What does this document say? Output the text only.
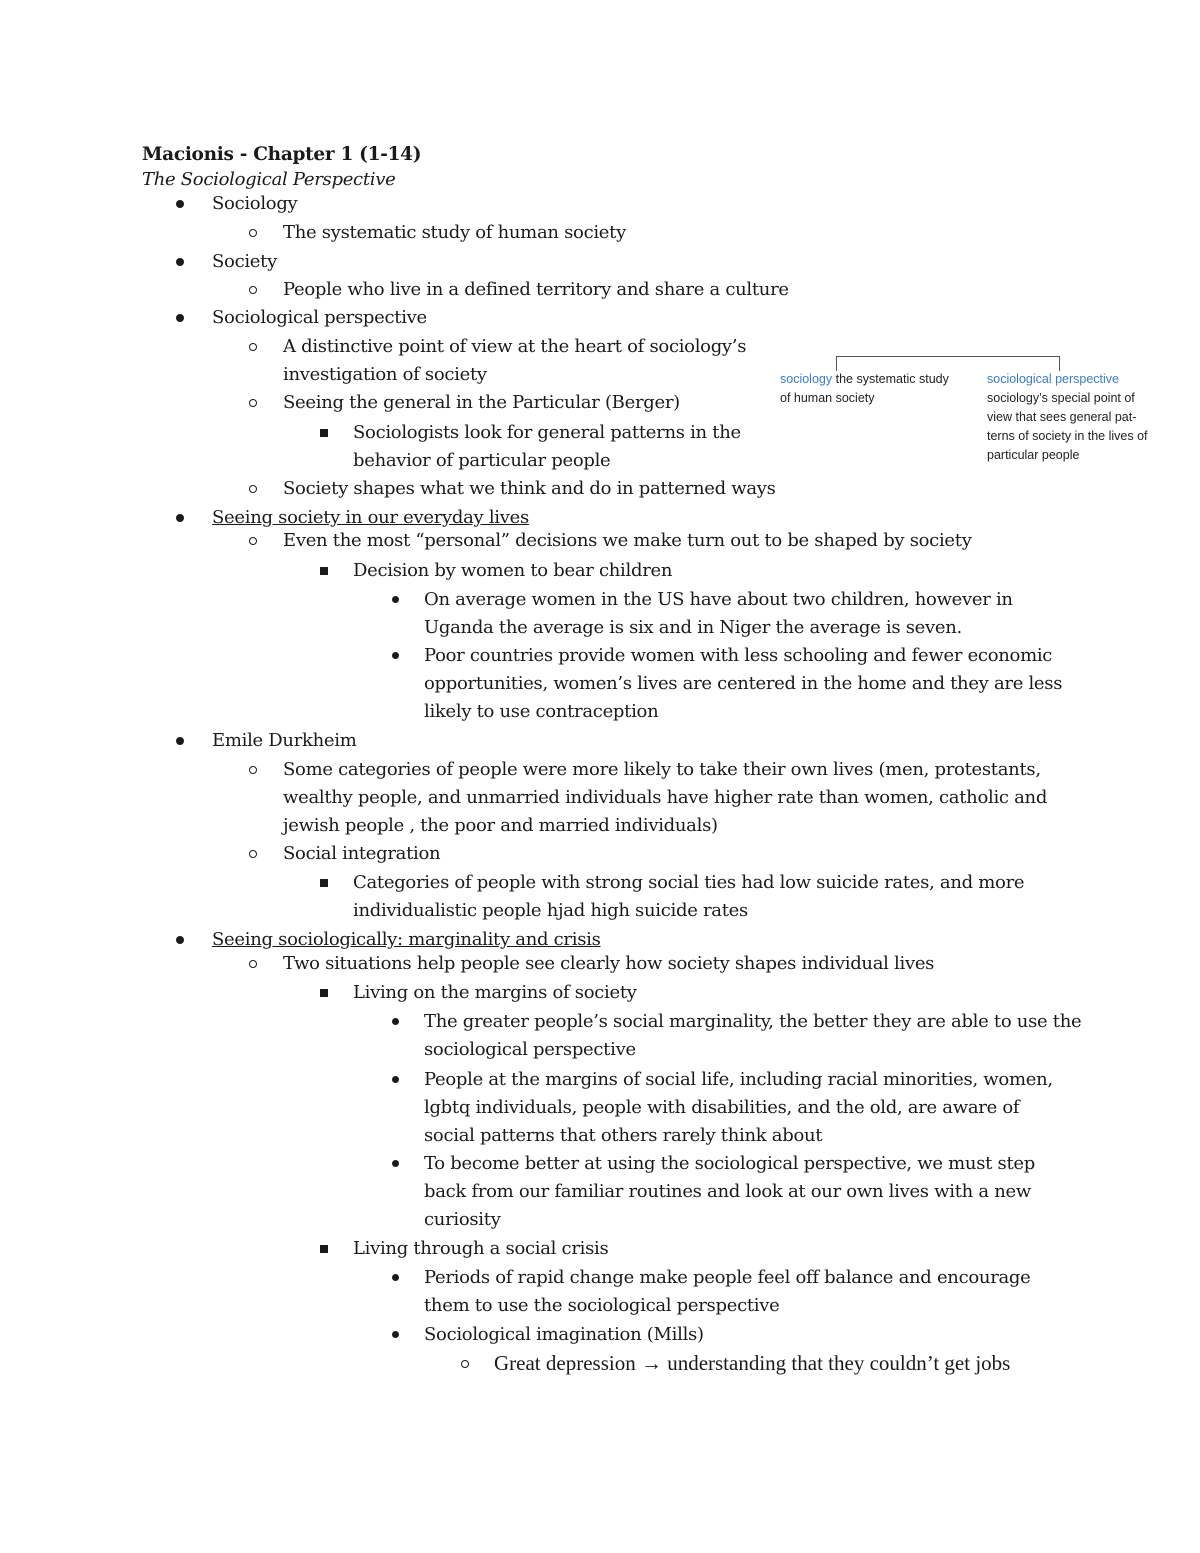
Macionis - Chapter 1 (1-14)
The Sociological Perspective
Sociology
The systematic study of human society
Society
People who live in a defined territory and share a culture
Sociological perspective
A distinctive point of view at the heart of sociology’s
investigation of society
Seeing the general in the Particular (Berger)
Sociologists look for general patterns in the
behavior of particular people
Society shapes what we think and do in patterned ways
Seeing society in our everyday lives
Even the most “personal” decisions we make turn out to be shaped by society
Decision by women to bear children
On average women in the US have about two children, however in
Uganda the average is six and in Niger the average is seven.
Poor countries provide women with less schooling and fewer economic
opportunities, women’s lives are centered in the home and they are less
likely to use contraception
Emile Durkheim
Some categories of people were more likely to take their own lives (men, protestants,
wealthy people, and unmarried individuals have higher rate than women, catholic and
jewish people , the poor and married individuals)
Social integration
Categories of people with strong social ties had low suicide rates, and more
individualistic people hjad high suicide rates
Seeing sociologically: marginality and crisis
Two situations help people see clearly how society shapes individual lives
Living on the margins of society
The greater people’s social marginality, the better they are able to use the
sociological perspective
People at the margins of social life, including racial minorities, women,
lgbtq individuals, people with disabilities, and the old, are aware of
social patterns that others rarely think about
To become better at using the sociological perspective, we must step
back from our familiar routines and look at our own lives with a new
curiosity
Living through a social crisis
Periods of rapid change make people feel off balance and encourage
them to use the sociological perspective
Sociological imagination (Mills)
Great depression → understanding that they couldn’t get jobs
sociology the systematic study of human society
sociological perspective sociology’s special point of view that sees general pat-terns of society in the lives of particular people
